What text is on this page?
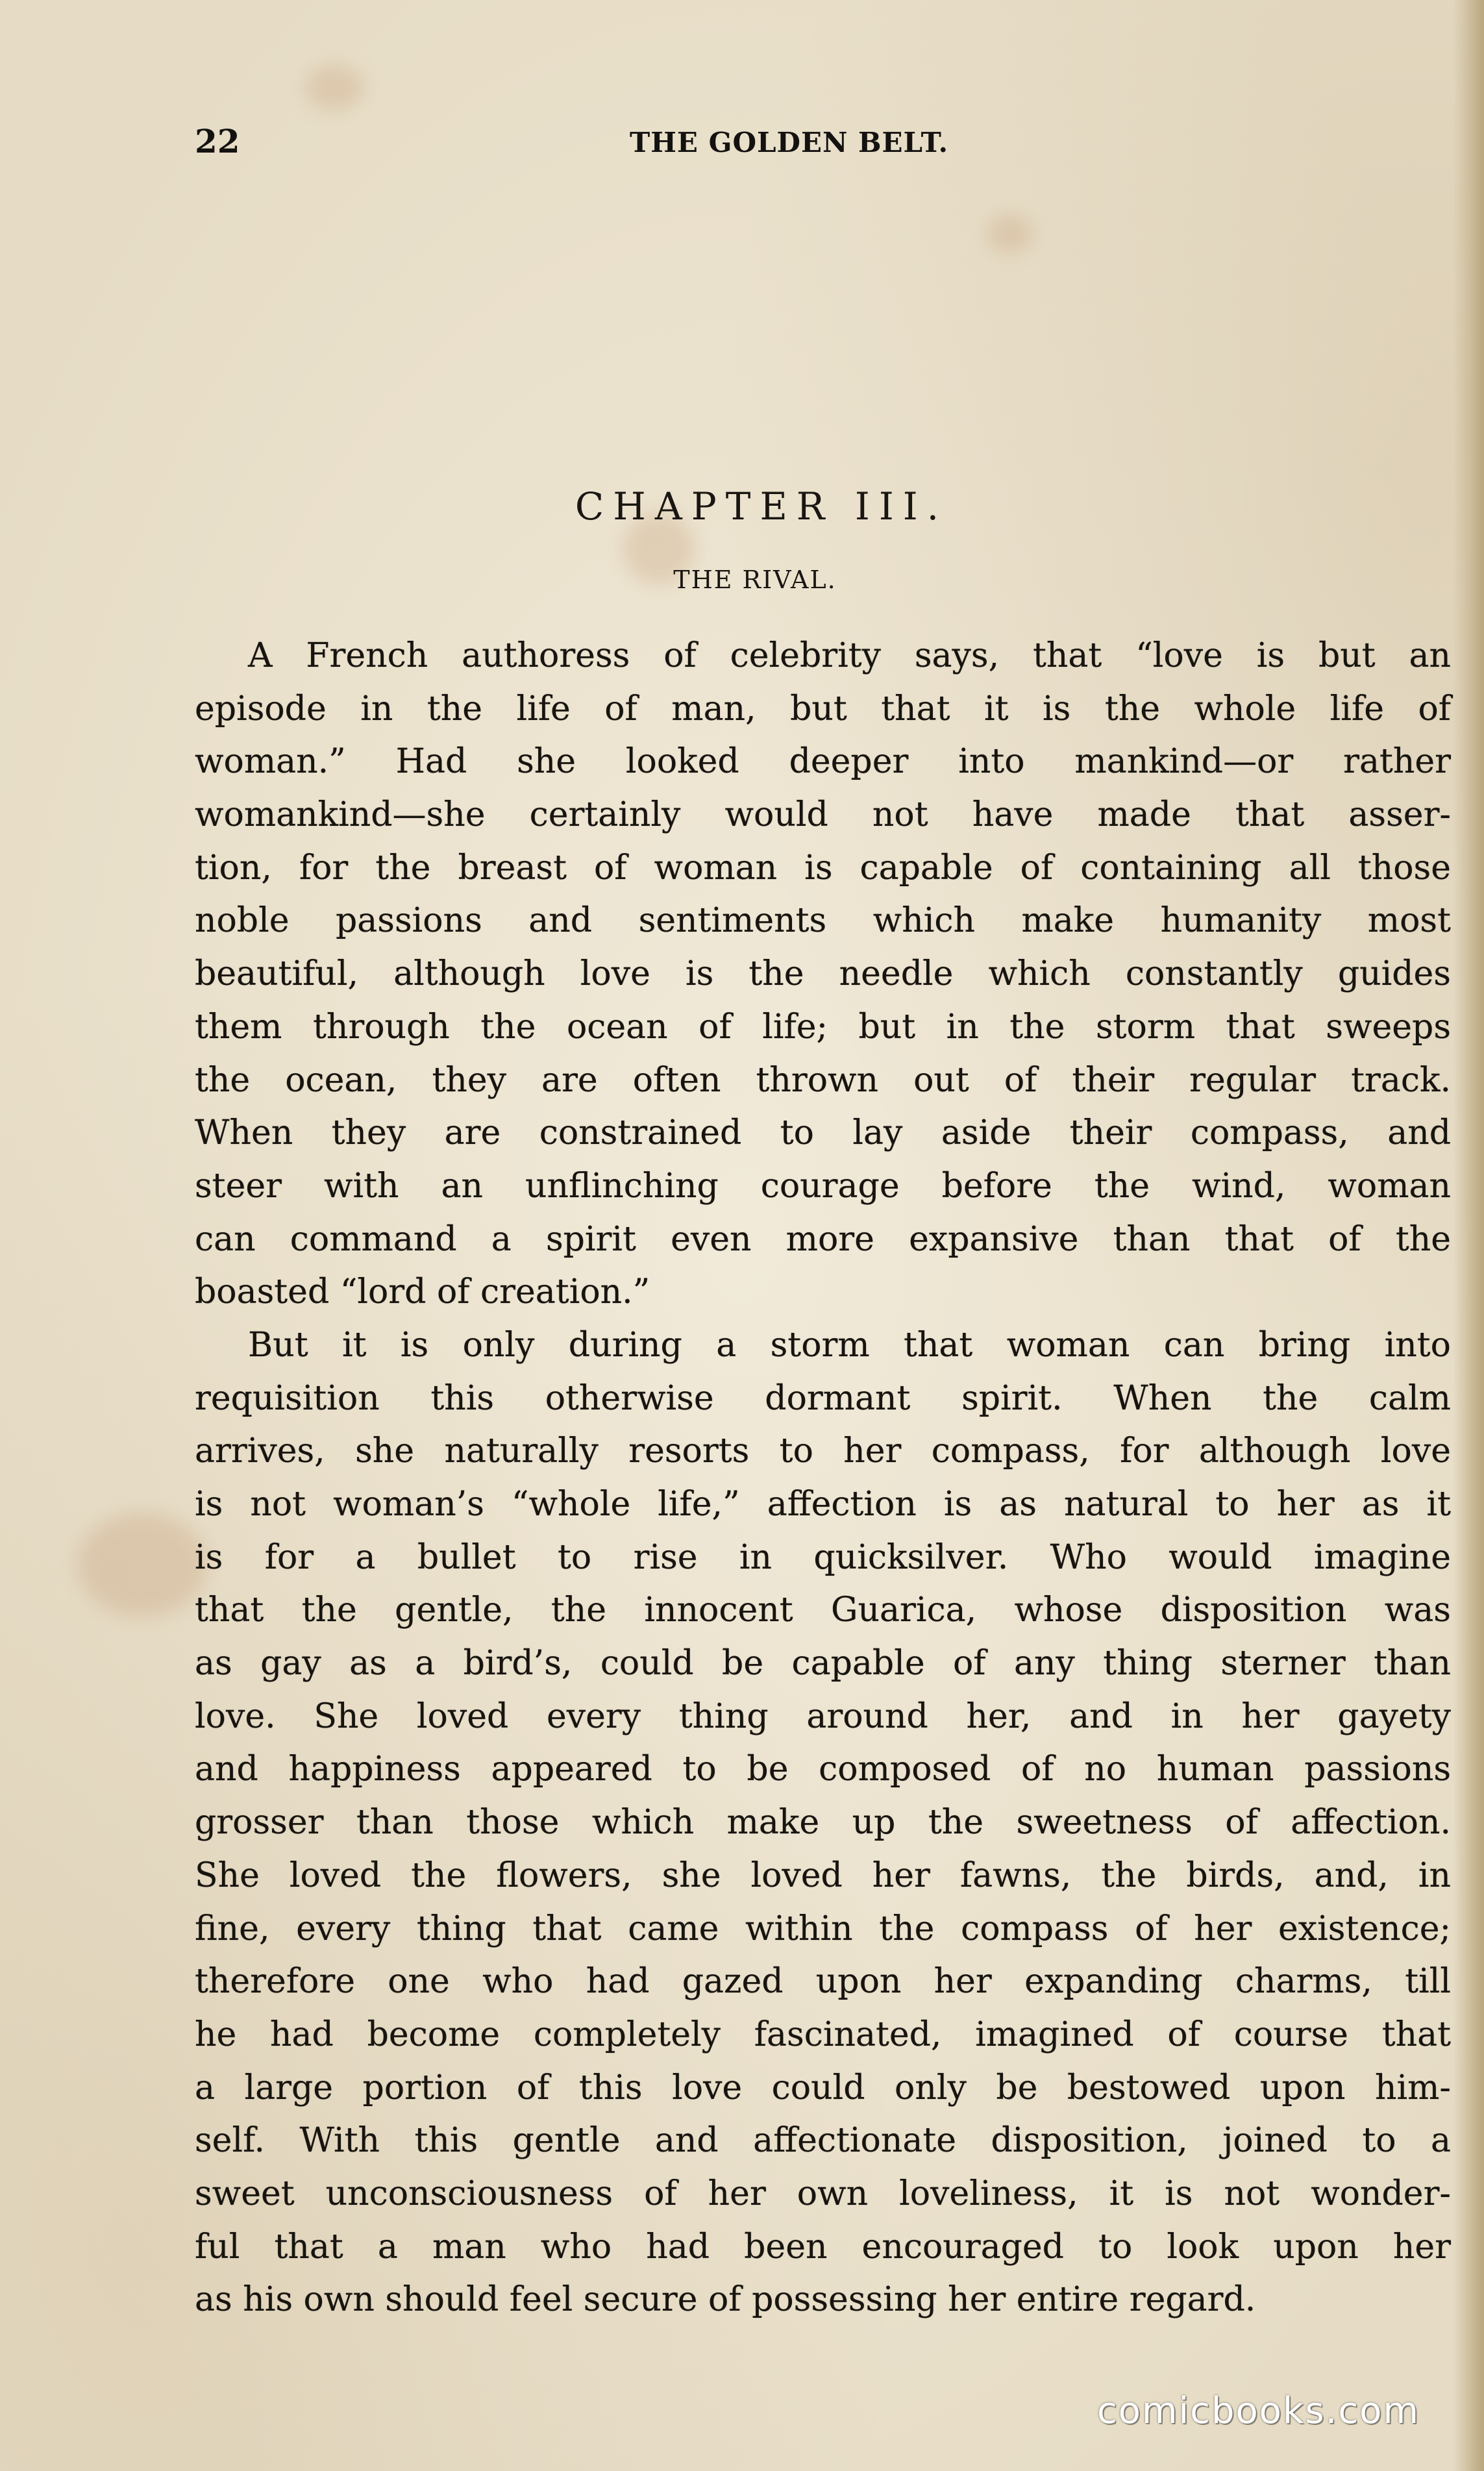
22	THE GOLDEN BELT.
CHAPTER III.
THE RIVAL.
A French authoress of celebrity says, that “love is but an
episode in the life of man, but that it is the whole life of
woman.” Had she looked deeper into mankind—or rather
womankind—she certainly would not have made that asser-
tion, for the breast of woman is capable of containing all those
noble passions and sentiments which make humanity most
beautiful, although love is the needle which constantly guides
them through the ocean of life; but in the storm that sweeps
the ocean, they are often thrown out of their regular track.
When they are constrained to lay aside their compass, and
steer with an unflinching courage before the wind, woman
can command a spirit even more expansive than that of the
boasted “lord of creation.”
But it is only during a storm that woman can bring into
requisition this otherwise dormant spirit. When the calm
arrives, she naturally resorts to her compass, for although love
is not woman’s “whole life,” affection is as natural to her as it
is for a bullet to rise in quicksilver. Who would imagine
that the gentle, the innocent Guarica, whose disposition was
as gay as a bird’s, could be capable of any thing sterner than
love. She loved every thing around her, and in her gayety
and happiness appeared to be composed of no human passions
grosser than those which make up the sweetness of affection.
She loved the flowers, she loved her fawns, the birds, and, in
fine, every thing that came within the compass of her existence;
therefore one who had gazed upon her expanding charms, till
he had become completely fascinated, imagined of course that
a large portion of this love could only be bestowed upon him-
self. With this gentle and affectionate disposition, joined to a
sweet unconsciousness of her own loveliness, it is not wonder-
ful that a man who had been encouraged to look upon her
as his own should feel secure of possessing her entire regard.
comicbooks.com
